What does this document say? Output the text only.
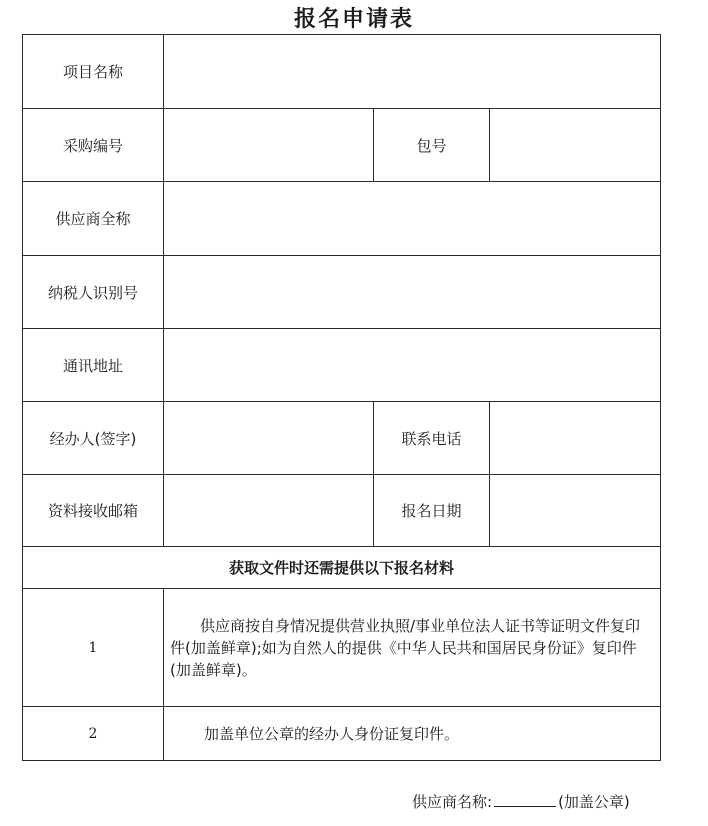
报名申请表
项目名称			
采购编号		包号	
供应商全称			
纳税人识别号			
通讯地址			
经办人(签字)		联系电话	
资料接收邮箱		报名日期	
获取文件时还需提供以下报名材料			
1	供应商按自身情况提供营业执照/事业单位法人证书等证明文件复印件(加盖鲜章);如为自然人的提供《中华人民共和国居民身份证》复印件(加盖鲜章)。		
2	加盖单位公章的经办人身份证复印件。		
供应商名称:	(加盖公章)
